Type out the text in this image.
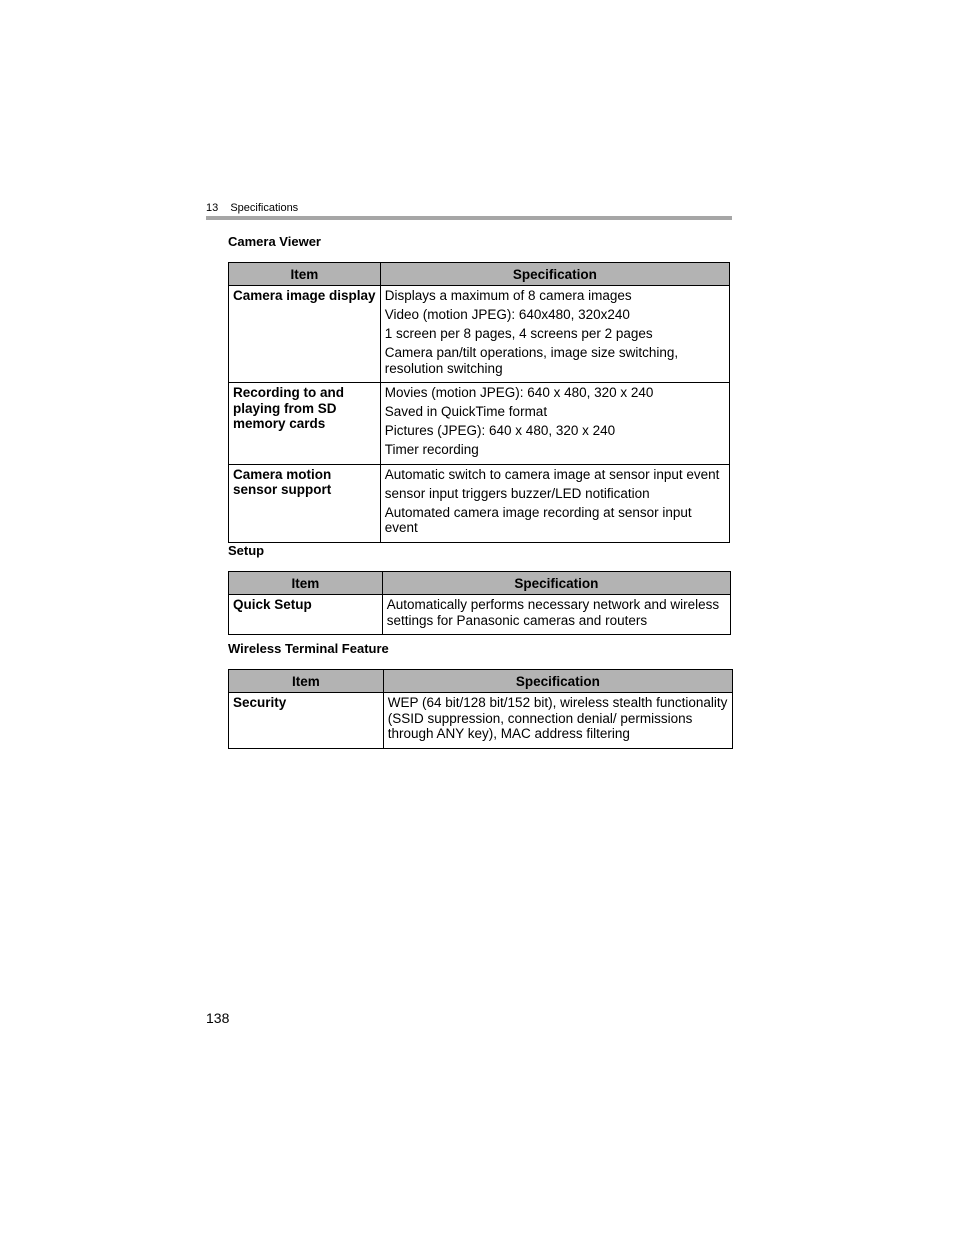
13 Specifications
Camera Viewer
Item	Specification
Camera image display	Displays a maximum of 8 camera images
Video (motion JPEG): 640x480, 320x240
1 screen per 8 pages, 4 screens per 2 pages
Camera pan/tilt operations, image size switching, resolution switching

Recording to and playing from SD memory cards	Movies (motion JPEG): 640 x 480, 320 x 240
Saved in QuickTime format
Pictures (JPEG): 640 x 480, 320 x 240
Timer recording

Camera motion sensor support	Automatic switch to camera image at sensor input event
sensor input triggers buzzer/LED notification
Automated camera image recording at sensor input event
Setup
Item	Specification
Quick Setup	Automatically performs necessary network and wireless settings for Panasonic cameras and routers
Wireless Terminal Feature
Item	Specification
Security	WEP (64 bit/128 bit/152 bit), wireless stealth functionality (SSID suppression, connection denial/ permissions through ANY key), MAC address filtering
138
